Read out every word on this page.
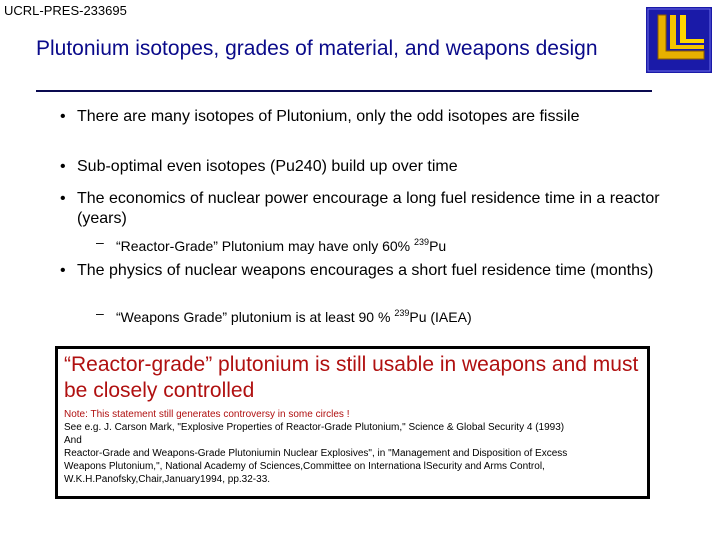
UCRL-PRES-233695
Plutonium isotopes, grades of material, and weapons design
• There are many isotopes of Plutonium, only the odd isotopes are fissile
• Sub-optimal even isotopes (Pu240) build up over time
• The economics of nuclear power encourage a long fuel residence time in a reactor (years)
– “Reactor-Grade” Plutonium may have only 60% $^{239}$Pu
• The physics of nuclear weapons encourages a short fuel residence time (months)
– “Weapons Grade” plutonium is at least 90 % $^{239}$Pu (IAEA)
“Reactor-grade” plutonium is still usable in weapons and must be closely controlled
Note: This statement still generates controversy in some circles !
See e.g. J. Carson Mark, "Explosive Properties of Reactor-Grade Plutonium," Science & Global Security 4 (1993)
And
Reactor-Grade and Weapons-Grade Plutoniumin Nuclear Explosives", in "Management and Disposition of Excess
Weapons Plutonium,", National Academy of Sciences,Committee on Internationa lSecurity and Arms Control,
W.K.H.Panofsky,Chair,January1994, pp.32-33.
